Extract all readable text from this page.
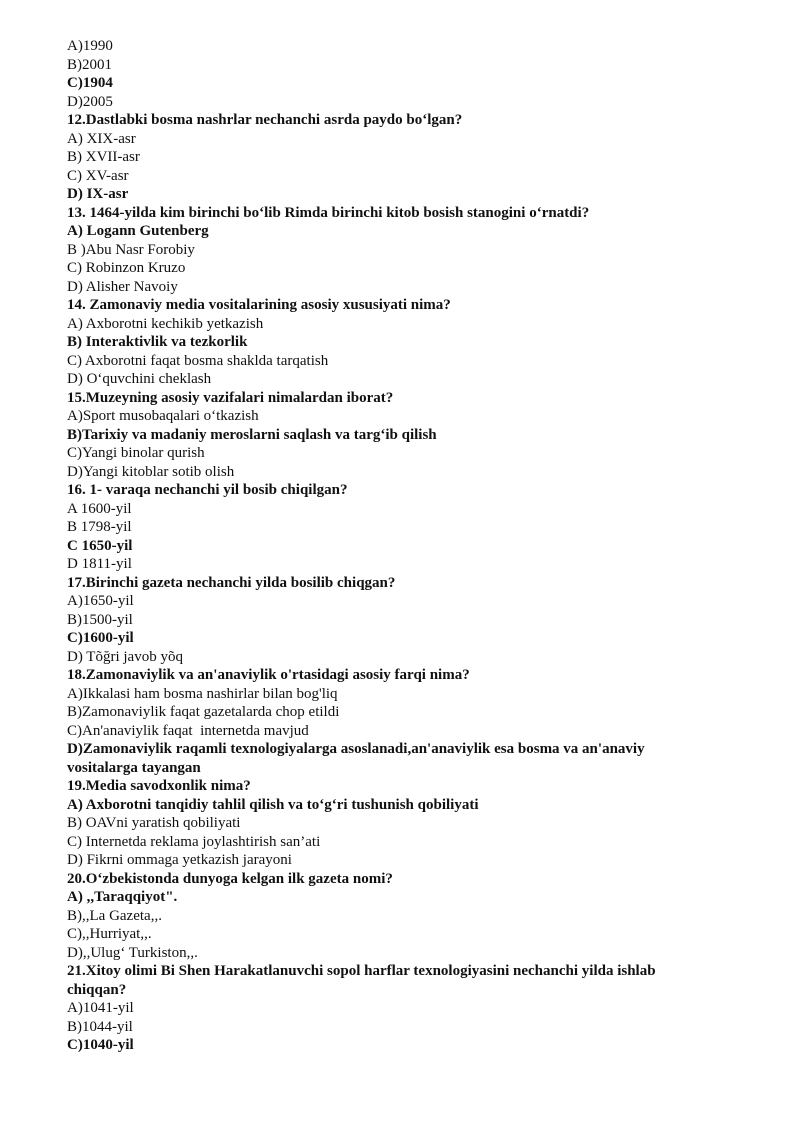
A)1990
B)2001
C)1904
D)2005
12.Dastlabki bosma nashrlar nechanchi asrda paydo bo‘lgan?
A) XIX-asr
B) XVII-asr
C) XV-asr
D) IX-asr
13. 1464-yilda kim birinchi bo‘lib Rimda birinchi kitob bosish stanogini o‘rnatdi?
A) Logann Gutenberg
B )Abu Nasr Forobiy
C) Robinzon Kruzo
D) Alisher Navoiy
14. Zamonaviy media vositalarining asosiy xususiyati nima?
A) Axborotni kechikib yetkazish
B) Interaktivlik va tezkorlik
C) Axborotni faqat bosma shaklda tarqatish
D) O‘quvchini cheklash
15.Muzeyning asosiy vazifalari nimalardan iborat?
A)Sport musobaqalari o‘tkazish
B)Tarixiy va madaniy meroslarni saqlash va targ‘ib qilish
C)Yangi binolar qurish
D)Yangi kitoblar sotib olish
16. 1- varaqa nechanchi yil bosib chiqilgan?
A 1600-yil
B 1798-yil
C 1650-yil
D 1811-yil
17.Birinchi gazeta nechanchi yilda bosilib chiqgan?
A)1650-yil
B)1500-yil
C)1600-yil
D) Tõğri javob yõq
18.Zamonaviylik va an'anaviylik o'rtasidagi asosiy farqi nima?
A)Ikkalasi ham bosma nashirlar bilan bog'liq
B)Zamonaviylik faqat gazetalarda chop etildi
C)An'anaviylik faqat  internetda mavjud
D)Zamonaviylik raqamli texnologiyalarga asoslanadi,an'anaviylik esa bosma va an'anaviy
vositalarga tayangan
19.Media savodxonlik nima?
A) Axborotni tanqidiy tahlil qilish va to‘g‘ri tushunish qobiliyati
B) OAVni yaratish qobiliyati
C) Internetda reklama joylashtirish san’ati
D) Fikrni ommaga yetkazish jarayoni
20.O‘zbekistonda dunyoga kelgan ilk gazeta nomi?
A) ,,Taraqqiyot".
B),,La Gazeta,,.
C),,Hurriyat,,.
D),,Ulug‘ Turkiston,,.
21.Xitoy olimi Bi Shen Harakatlanuvchi sopol harflar texnologiyasini nechanchi yilda ishlab
chiqqan?
A)1041-yil
B)1044-yil
C)1040-yil
